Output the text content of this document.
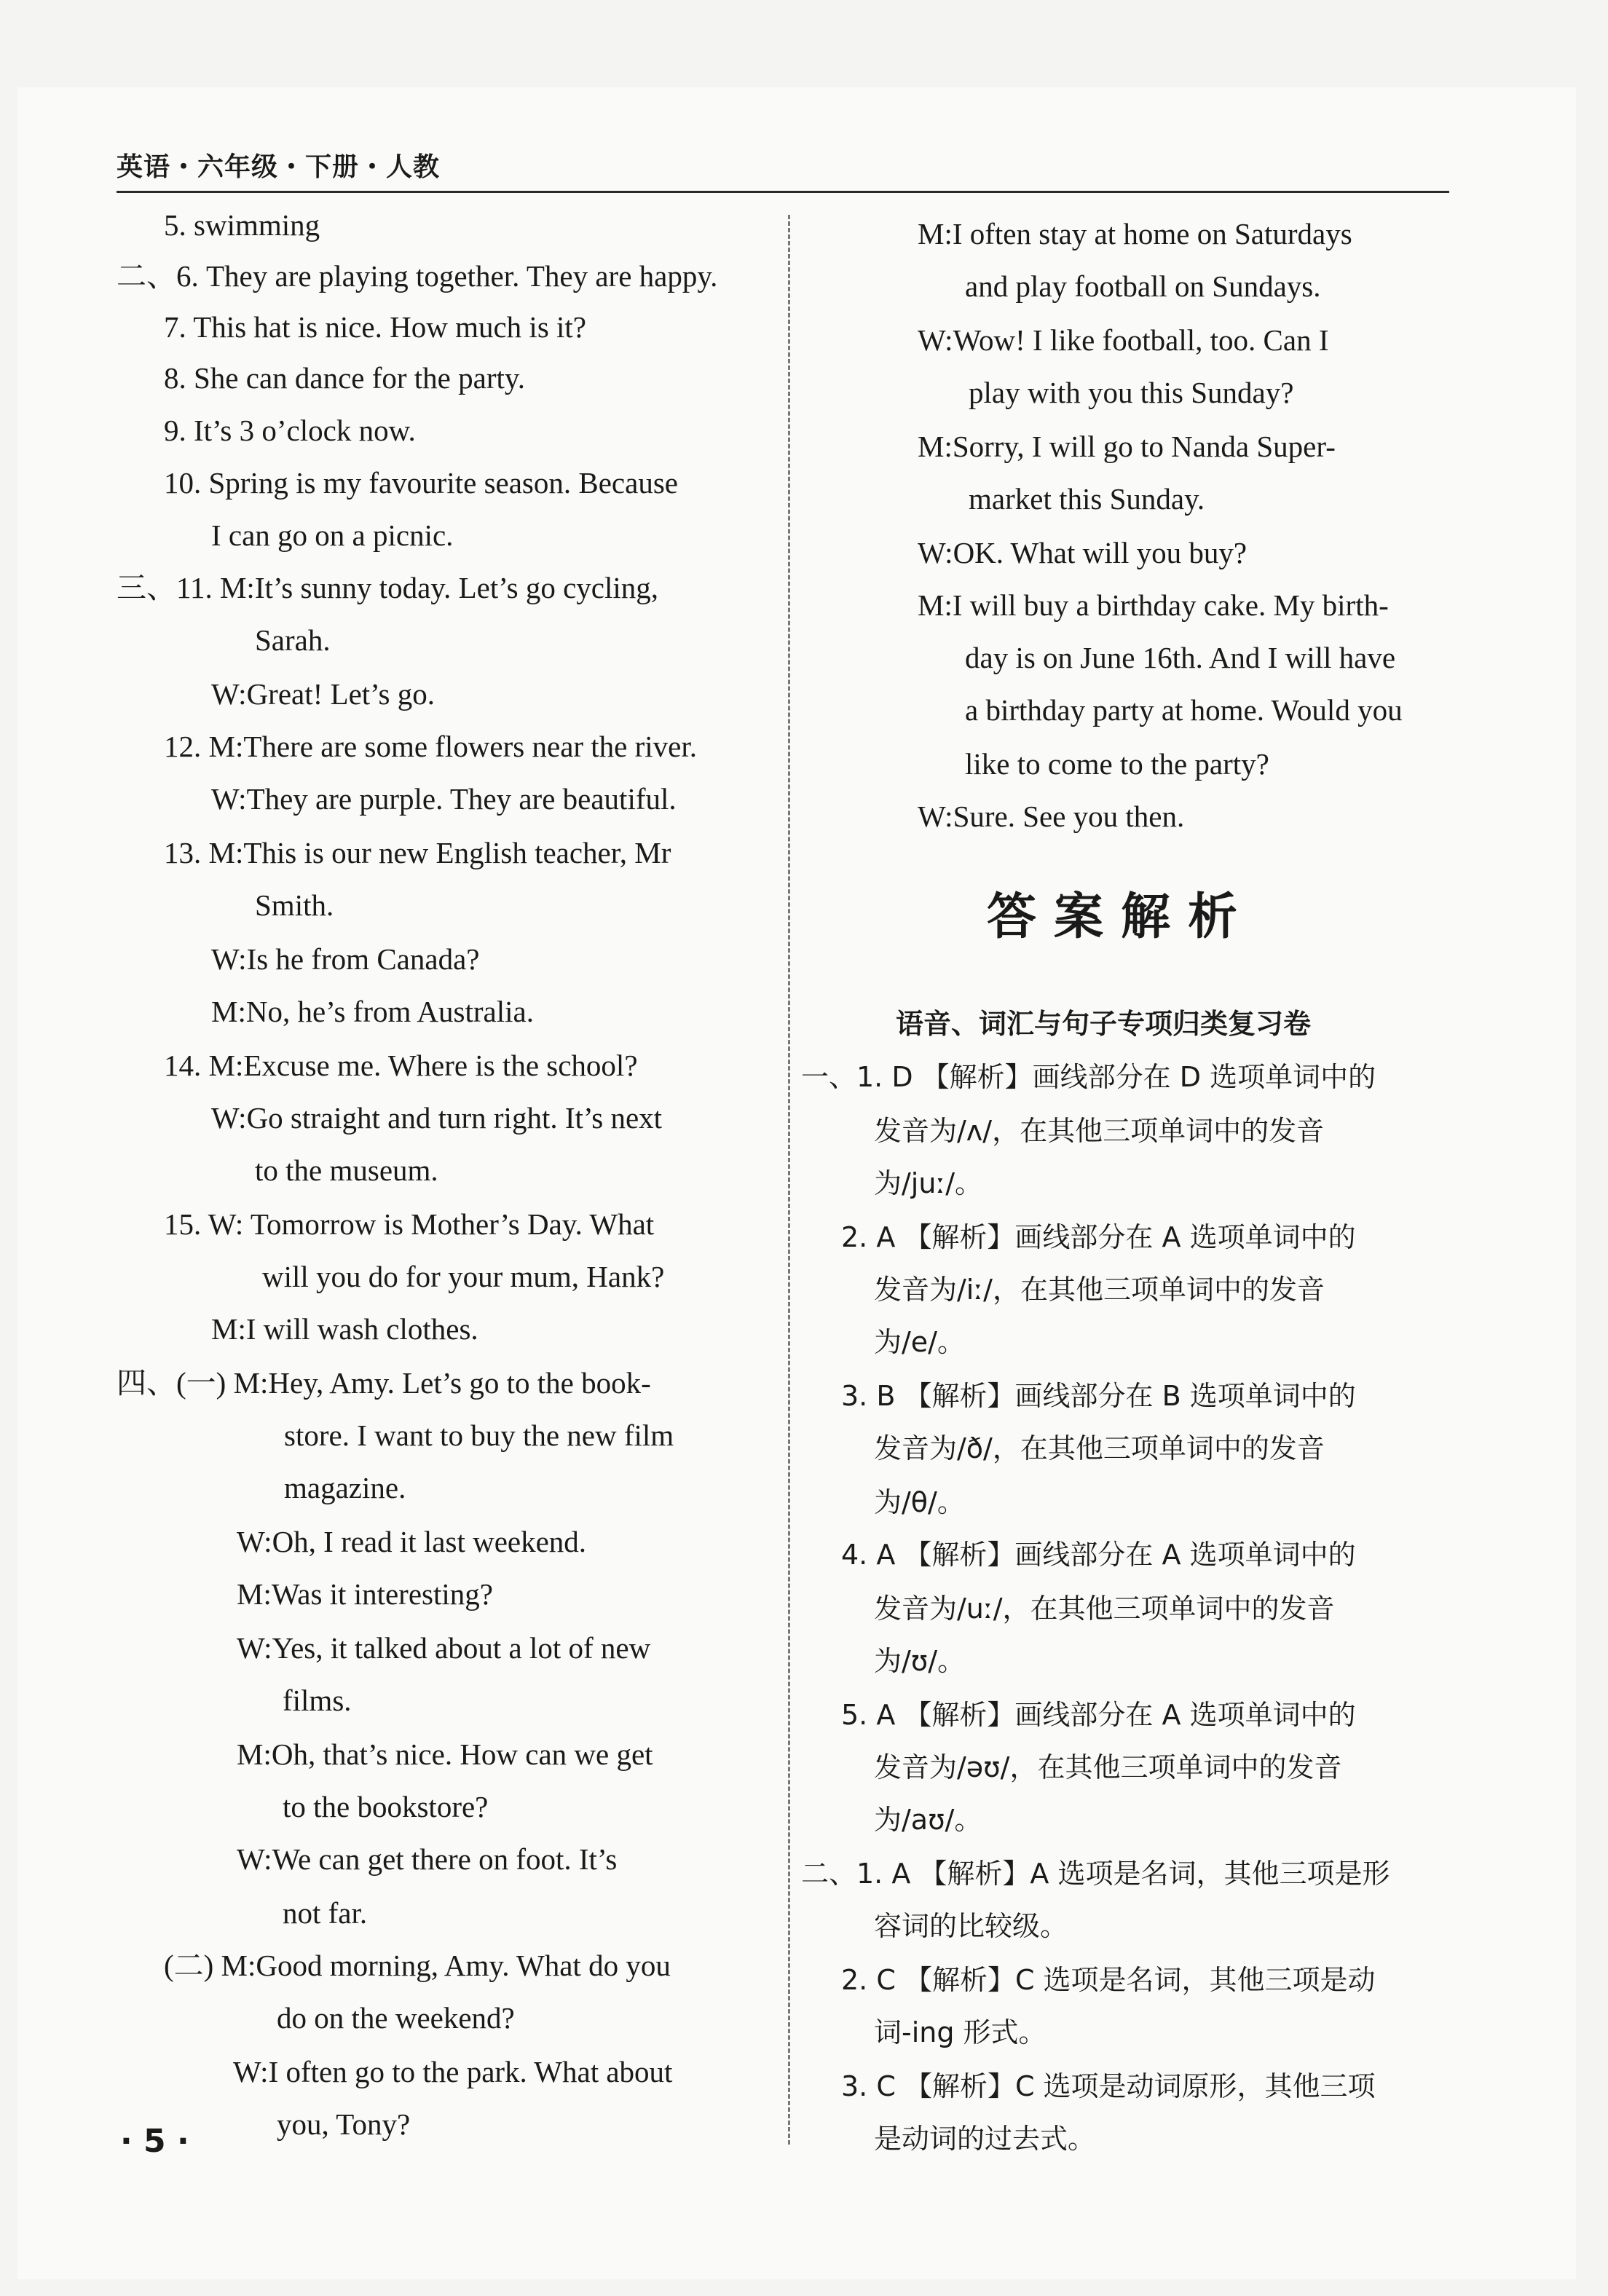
英语・六年级・下册・人教
5. swimming
二、6. They are playing together. They are happy.
7. This hat is nice. How much is it?
8. She can dance for the party.
9. It’s 3 o’clock now.
10. Spring is my favourite season. Because
I can go on a picnic.
三、11. M:It’s sunny today. Let’s go cycling,
Sarah.
W:Great! Let’s go.
12. M:There are some flowers near the river.
W:They are purple. They are beautiful.
13. M:This is our new English teacher, Mr
Smith.
W:Is he from Canada?
M:No, he’s from Australia.
14. M:Excuse me. Where is the school?
W:Go straight and turn right. It’s next
to the museum.
15. W: Tomorrow is Mother’s Day. What
will you do for your mum, Hank?
M:I will wash clothes.
四、(一) M:Hey, Amy. Let’s go to the book-
store. I want to buy the new film
magazine.
W:Oh, I read it last weekend.
M:Was it interesting?
W:Yes, it talked about a lot of new
films.
M:Oh, that’s nice. How can we get
to the bookstore?
W:We can get there on foot. It’s
not far.
(二) M:Good morning, Amy. What do you
do on the weekend?
W:I often go to the park. What about
you, Tony?
M:I often stay at home on Saturdays
and play football on Sundays.
W:Wow! I like football, too. Can I
play with you this Sunday?
M:Sorry, I will go to Nanda Super-
market this Sunday.
W:OK. What will you buy?
M:I will buy a birthday cake. My birth-
day is on June 16th. And I will have
a birthday party at home. Would you
like to come to the party?
W:Sure. See you then.
答案解析
语音、词汇与句子专项归类复习卷
一、1. D 【解析】画线部分在 D 选项单词中的
发音为/ʌ/，在其他三项单词中的发音
为/juː/。
2. A 【解析】画线部分在 A 选项单词中的
发音为/iː/，在其他三项单词中的发音
为/e/。
3. B 【解析】画线部分在 B 选项单词中的
发音为/ð/，在其他三项单词中的发音
为/θ/。
4. A 【解析】画线部分在 A 选项单词中的
发音为/uː/，在其他三项单词中的发音
为/ʊ/。
5. A 【解析】画线部分在 A 选项单词中的
发音为/əʊ/，在其他三项单词中的发音
为/aʊ/。
二、1. A 【解析】A 选项是名词，其他三项是形
容词的比较级。
2. C 【解析】C 选项是名词，其他三项是动
词-ing 形式。
3. C 【解析】C 选项是动词原形，其他三项
是动词的过去式。
· 5 ·
